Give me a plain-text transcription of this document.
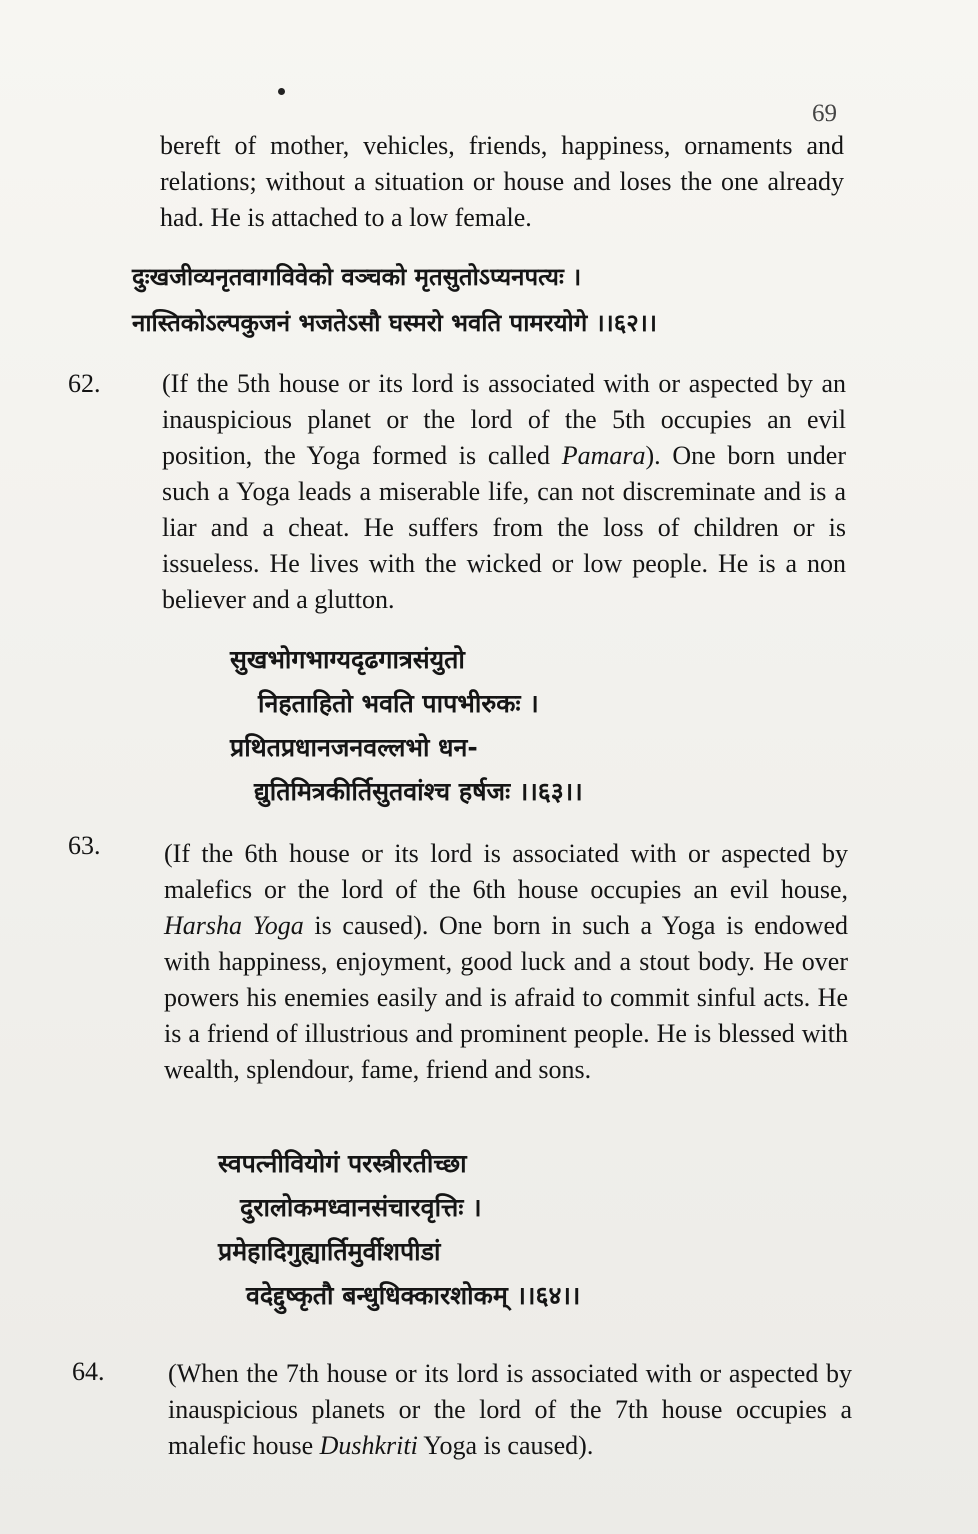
69
bereft of mother, vehicles, friends, happiness, ornaments and relations; without a situation or house and loses the one already had. He is attached to a low female.
दुःखजीव्यनृतवागविवेको वञ्चको मृतसुतोऽप्यनपत्यः ।
नास्तिकोऽल्पकुजनं भजतेऽसौ घस्मरो भवति पामरयोगे ।।६२।।
62. (If the 5th house or its lord is associated with or aspected by an inauspicious planet or the lord of the 5th occupies an evil position, the Yoga formed is called Pamara). One born under such a Yoga leads a miserable life, can not discreminate and is a liar and a cheat. He suffers from the loss of children or is issueless. He lives with the wicked or low people. He is a non believer and a glutton.
सुखभोगभाग्यदृढगात्रसंयुतो
निहताहितो भवति पापभीरुकः ।
प्रथितप्रधानजनवल्लभो धन-
द्युतिमित्रकीर्तिसुतवांश्च हर्षजः ।।६३।।
63. (If the 6th house or its lord is associated with or aspected by malefics or the lord of the 6th house occupies an evil house, Harsha Yoga is caused). One born in such a Yoga is endowed with happiness, enjoyment, good luck and a stout body. He over powers his enemies easily and is afraid to commit sinful acts. He is a friend of illustrious and prominent people. He is blessed with wealth, splendour, fame, friend and sons.
स्वपत्नीवियोगं परस्त्रीरतीच्छा
दुरालोकमध्वानसंचारवृत्तिः ।
प्रमेहादिगुह्यार्तिमुर्वीशपीडां
वदेद्दुष्कृतौ बन्धुधिक्कारशोकम् ।।६४।।
64. (When the 7th house or its lord is associated with or aspected by inauspicious planets or the lord of the 7th house occupies a malefic house Dushkriti Yoga is caused).
